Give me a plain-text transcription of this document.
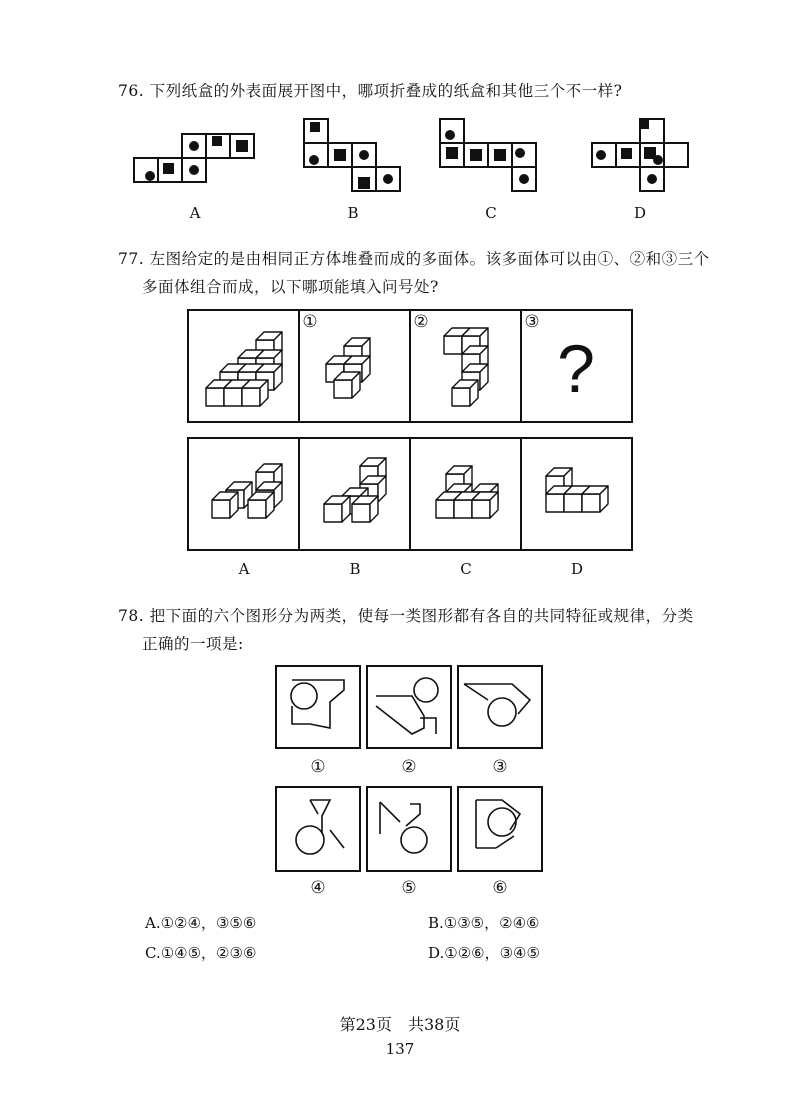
76. 下列纸盒的外表面展开图中，哪项折叠成的纸盒和其他三个不一样?
A	B	C	D
77. 左图给定的是由相同正方体堆叠而成的多面体。该多面体可以由①、②和③三个
多面体组合而成，以下哪项能填入问号处?
?
①	②	③
A	B	C	D
78. 把下面的六个图形分为两类，使每一类图形都有各自的共同特征或规律，分类
正确的一项是:
①	②	③
④	⑤	⑥
A.①②④，③⑤⑥	B.①③⑤，②④⑥
C.①④⑤，②③⑥	D.①②⑥，③④⑤
第23页　共38页
137
